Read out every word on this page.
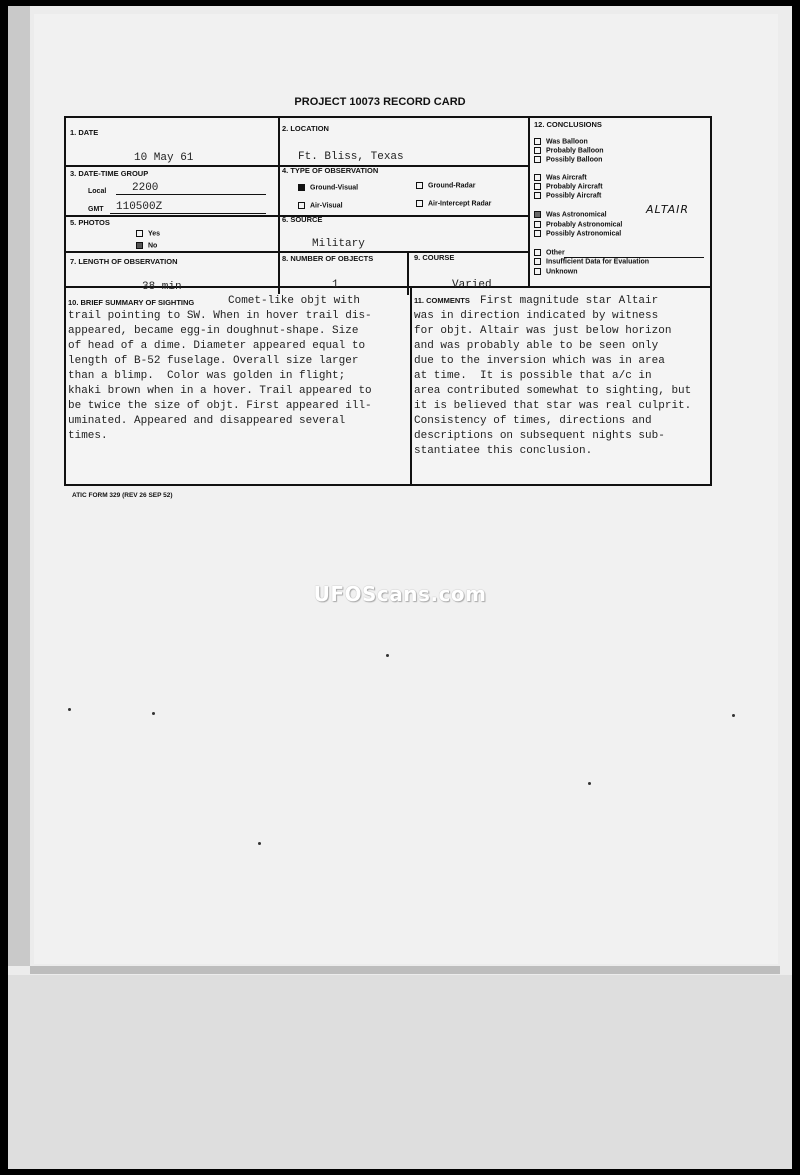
PROJECT 10073 RECORD CARD
1. DATE
10 May 61
2. LOCATION
Ft. Bliss, Texas
3. DATE-TIME GROUP
Local 2200
GMT 110500Z
4. TYPE OF OBSERVATION
Ground-Visual	Ground-Radar
Air-Visual	Air-Intercept Radar
5. PHOTOS
Yes
No
6. SOURCE
Military
7. LENGTH OF OBSERVATION
38 min
8. NUMBER OF OBJECTS
1
9. COURSE
Varied
12. CONCLUSIONS
Was Balloon
Probably Balloon
Possibly Balloon
Was Aircraft
Probably Aircraft
Possibly Aircraft
Was Astronomical	ALTAIR
Probably Astronomical
Possibly Astronomical
Other
Insufficient Data for Evaluation
Unknown
10. BRIEF SUMMARY OF SIGHTING	Comet-like objt with
trail pointing to SW. When in hover trail dis-
appeared, became egg-in doughnut-shape. Size
of head of a dime. Diameter appeared equal to
length of B-52 fuselage. Overall size larger
than a blimp.  Color was golden in flight;
khaki brown when in a hover. Trail appeared to
be twice the size of objt. First appeared ill-
uminated. Appeared and disappeared several
times.
11. COMMENTS First magnitude star Altair
was in direction indicated by witness
for objt. Altair was just below horizon
and was probably able to be seen only
due to the inversion which was in area
at time.  It is possible that a/c in
area contributed somewhat to sighting, but
it is believed that star was real culprit.
Consistency of times, directions and
descriptions on subsequent nights sub-
stantiatee this conclusion.
ATIC FORM 329 (REV 26 SEP 52)
UFOScans.com
